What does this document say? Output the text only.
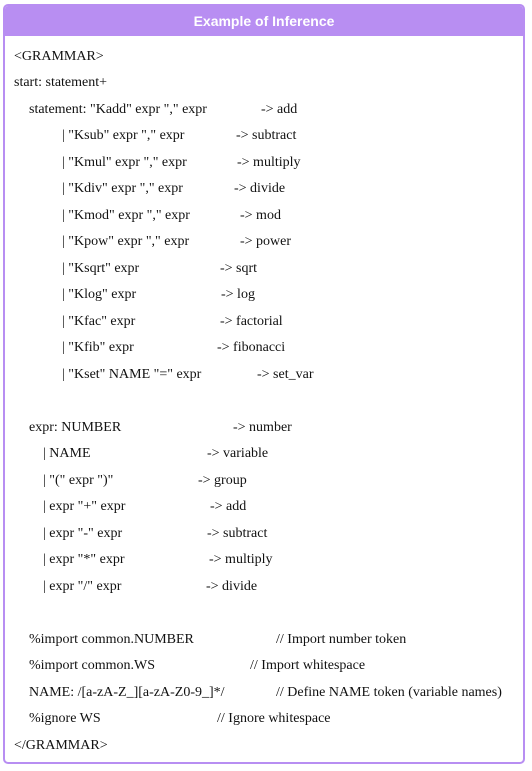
Example of Inference
<GRAMMAR>
start: statement+
statement: "Kadd" expr "," expr	-> add
| "Ksub" expr "," expr	-> subtract
| "Kmul" expr "," expr	-> multiply
| "Kdiv" expr "," expr	-> divide
| "Kmod" expr "," expr	-> mod
| "Kpow" expr "," expr	-> power
| "Ksqrt" expr	-> sqrt
| "Klog" expr	-> log
| "Kfac" expr	-> factorial
| "Kfib" expr	-> fibonacci
| "Kset" NAME "=" expr	-> set_var
expr: NUMBER	-> number
| NAME	-> variable
| "(" expr ")"	-> group
| expr "+" expr	-> add
| expr "-" expr	-> subtract
| expr "*" expr	-> multiply
| expr "/" expr	-> divide
%import common.NUMBER	// Import number token
%import common.WS	// Import whitespace
NAME: /[a-zA-Z_][a-zA-Z0-9_]*/	// Define NAME token (variable names)
%ignore WS	// Ignore whitespace
</GRAMMAR>
